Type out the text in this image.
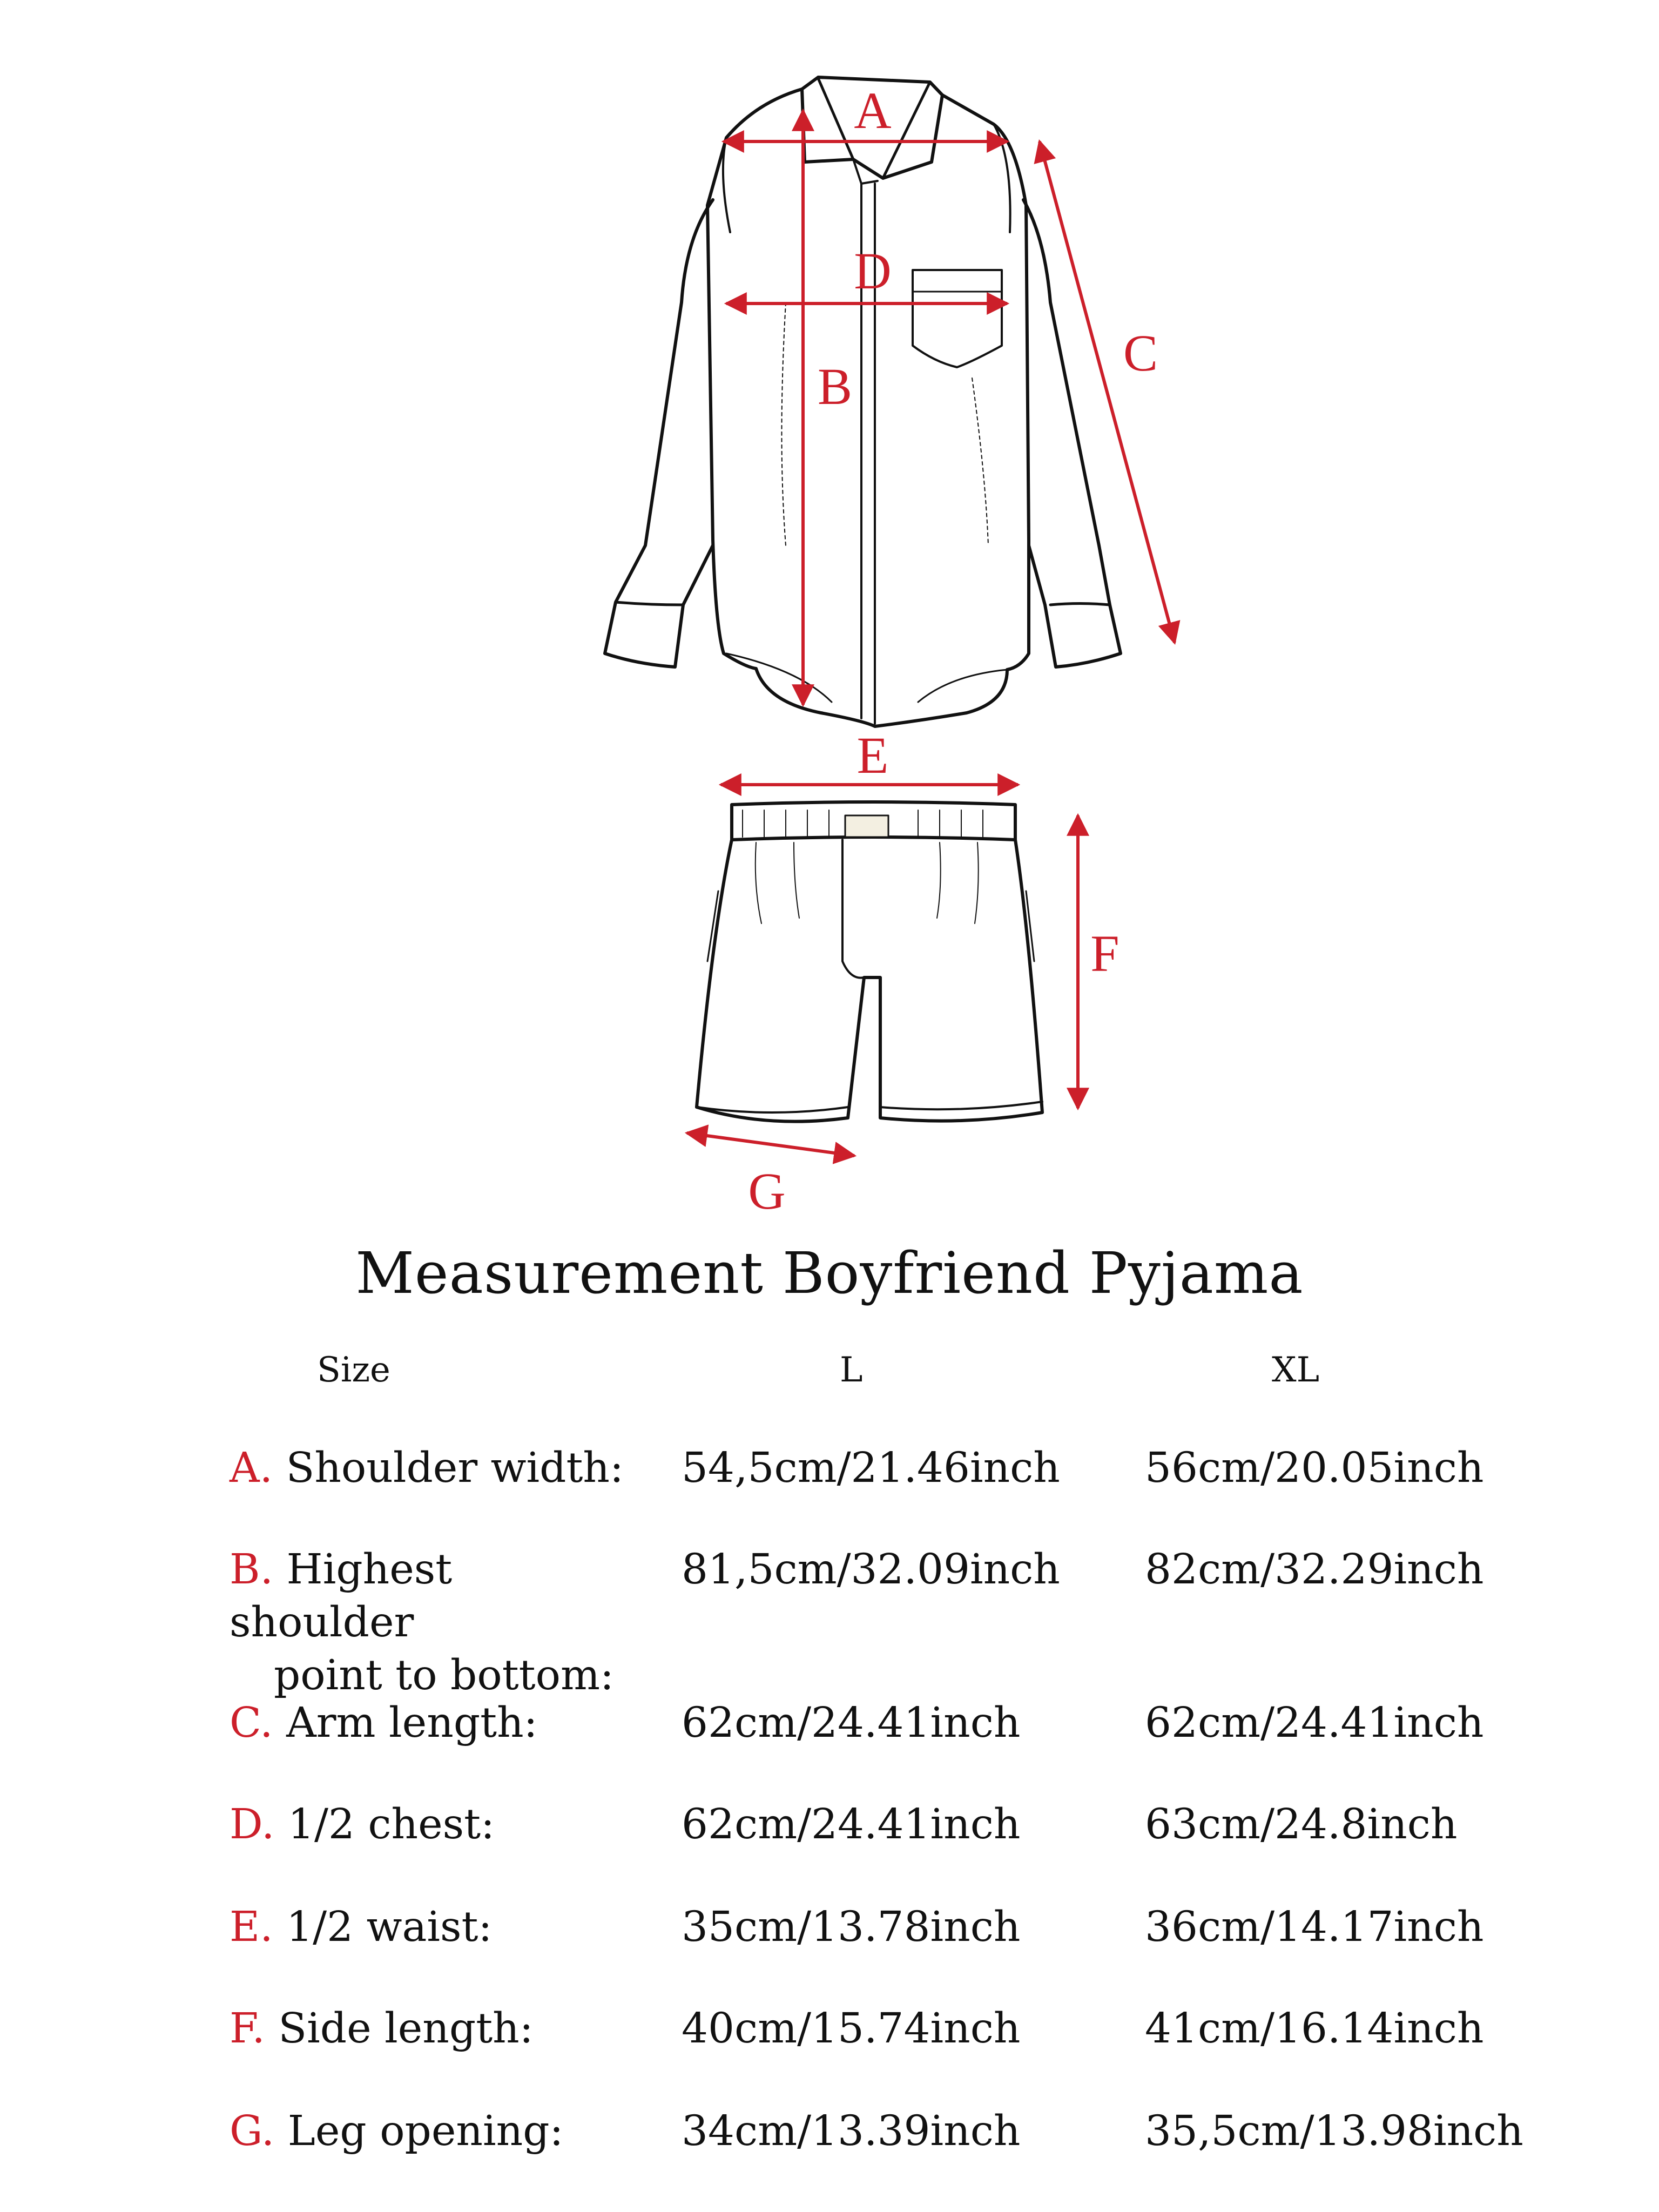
A
B
C
D
E
F
G
Measurement Boyfriend Pyjama
Size	L	XL
A. Shoulder width: 54,5cm/21.46inch 56cm/20.05inch
B. Highest shoulder
point to bottom:
81,5cm/32.09inch 82cm/32.29inch
C. Arm length:	62cm/24.41inch	62cm/24.41inch
D. 1/2 chest:	62cm/24.41inch	63cm/24.8inch
E. 1/2 waist:	35cm/13.78inch	36cm/14.17inch
F. Side length:	40cm/15.74inch	41cm/16.14inch
G. Leg opening:	34cm/13.39inch	35,5cm/13.98inch
